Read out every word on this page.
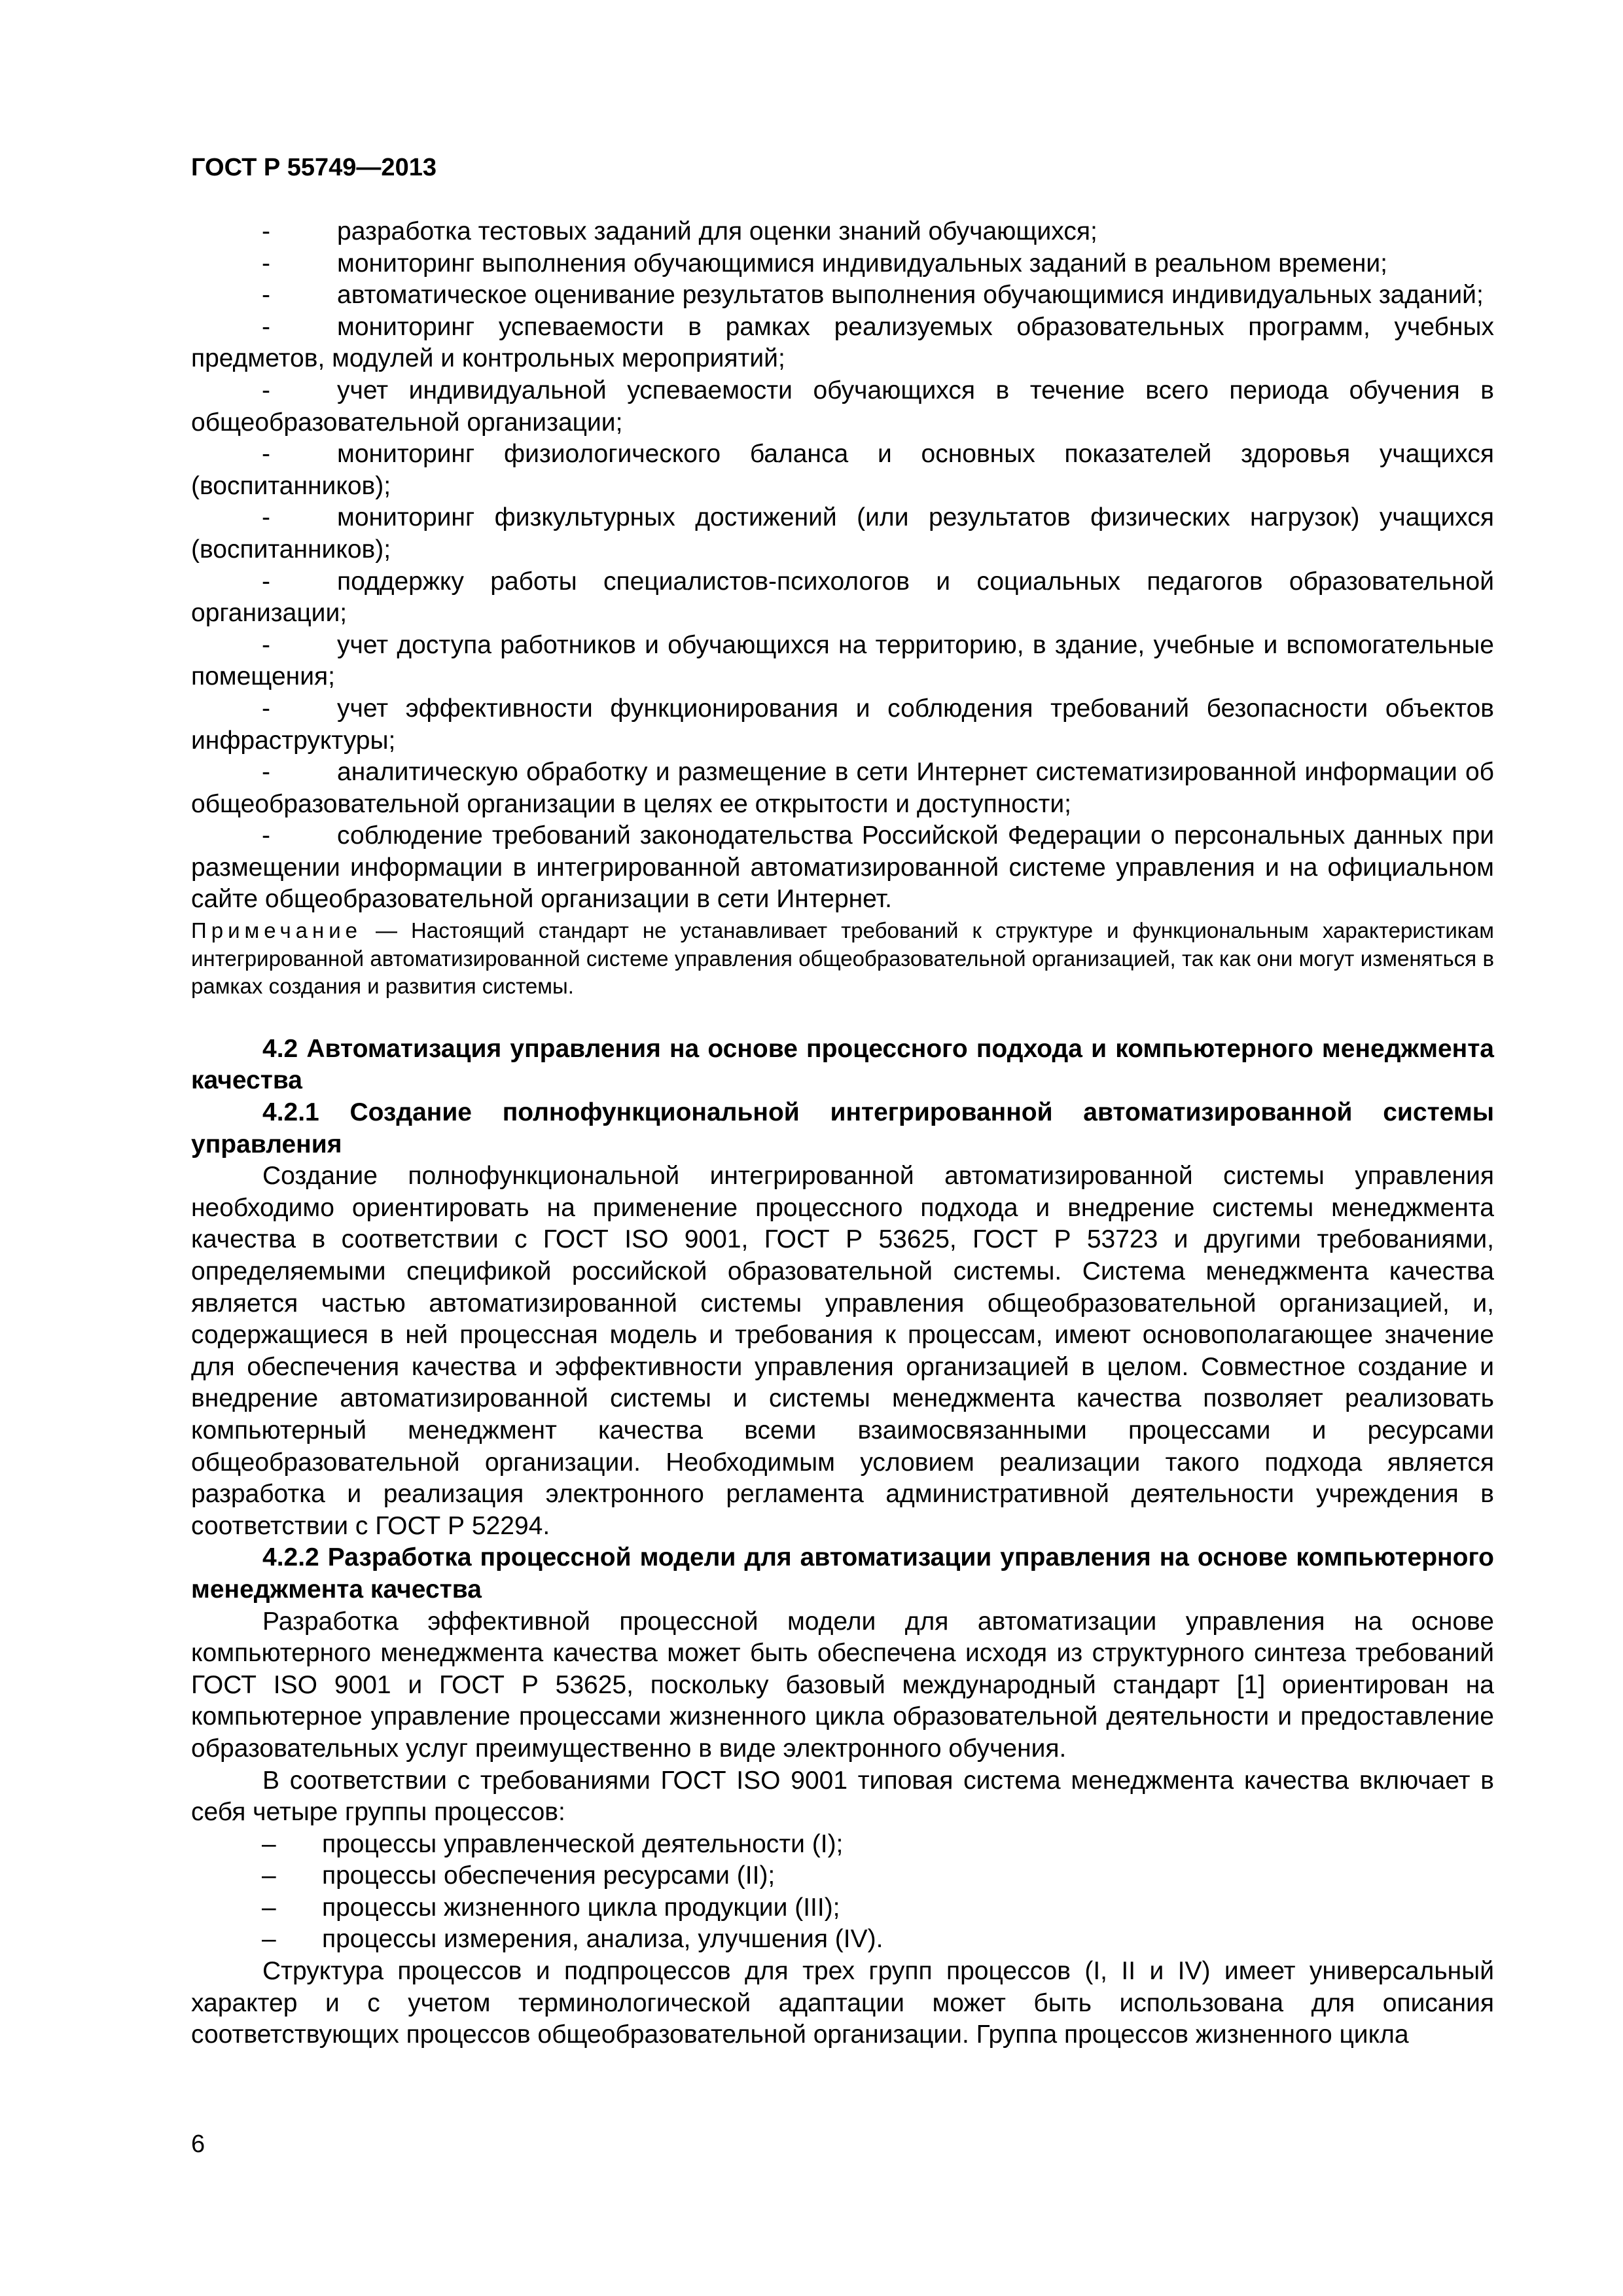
ГОСТ Р 55749—2013

-	разработка тестовых заданий для оценки знаний обучающихся;

-	мониторинг выполнения обучающимися индивидуальных заданий в реальном времени;

-	автоматическое оценивание результатов выполнения обучающимися индивидуальных заданий;

-	мониторинг успеваемости в рамках реализуемых образовательных программ, учебных предметов, модулей и контрольных мероприятий;

-	учет индивидуальной успеваемости обучающихся в течение всего периода обучения в общеобразовательной организации;

-	мониторинг физиологического баланса и основных показателей здоровья учащихся (воспитанников);

-	мониторинг физкультурных достижений (или результатов физических нагрузок) учащихся (воспитанников);

-	поддержку работы специалистов-психологов и социальных педагогов образовательной организации;

-	учет доступа работников и обучающихся на территорию, в здание, учебные и вспомогательные помещения;

-	учет эффективности функционирования и соблюдения требований безопасности объектов инфраструктуры;

-	аналитическую обработку и размещение в сети Интернет систематизированной информации об общеобразовательной организации в целях ее открытости и доступности;

-	соблюдение требований законодательства Российской Федерации о персональных данных при размещении информации в интегрированной автоматизированной системе управления и на официальном сайте общеобразовательной организации в сети Интернет.

Примечание — Настоящий стандарт не устанавливает требований к структуре и функциональным характеристикам интегрированной автоматизированной системе управления общеобразовательной организацией, так как они могут изменяться в рамках создания и развития системы.

4.2 Автоматизация управления на основе процессного подхода и компьютерного менеджмента качества

4.2.1 Создание полнофункциональной интегрированной автоматизированной системы управления

Создание полнофункциональной интегрированной автоматизированной системы управления необходимо ориентировать на применение процессного подхода и внедрение системы менеджмента качества в соответствии с ГОСТ ISO 9001, ГОСТ Р 53625, ГОСТ Р 53723 и другими требованиями, определяемыми спецификой российской образовательной системы. Система менеджмента качества является частью автоматизированной системы управления общеобразовательной организацией, и, содержащиеся в ней процессная модель и требования к процессам, имеют основополагающее значение для обеспечения качества и эффективности управления организацией в целом. Совместное создание и внедрение автоматизированной системы и системы менеджмента качества позволяет реализовать компьютерный менеджмент качества всеми взаимосвязанными процессами и ресурсами общеобразовательной организации. Необходимым условием реализации такого подхода является разработка и реализация электронного регламента административной деятельности учреждения в соответствии с ГОСТ Р 52294.

4.2.2 Разработка процессной модели для автоматизации управления на основе компьютерного менеджмента качества

Разработка эффективной процессной модели для автоматизации управления на основе компьютерного менеджмента качества может быть обеспечена исходя из структурного синтеза требований ГОСТ ISO 9001 и ГОСТ Р 53625, поскольку базовый международный стандарт [1] ориентирован на компьютерное управление процессами жизненного цикла образовательной деятельности и предоставление образовательных услуг преимущественно в виде электронного обучения.

В соответствии с требованиями ГОСТ ISO 9001 типовая система менеджмента качества включает в себя четыре группы процессов:

– процессы управленческой деятельности (I);

– процессы обеспечения ресурсами (II);

– процессы жизненного цикла продукции (III);

– процессы измерения, анализа, улучшения (IV).

Структура процессов и подпроцессов для трех групп процессов (I, II и IV) имеет универсальный характер и с учетом терминологической адаптации может быть использована для описания соответствующих процессов общеобразовательной организации. Группа процессов жизненного цикла

6
